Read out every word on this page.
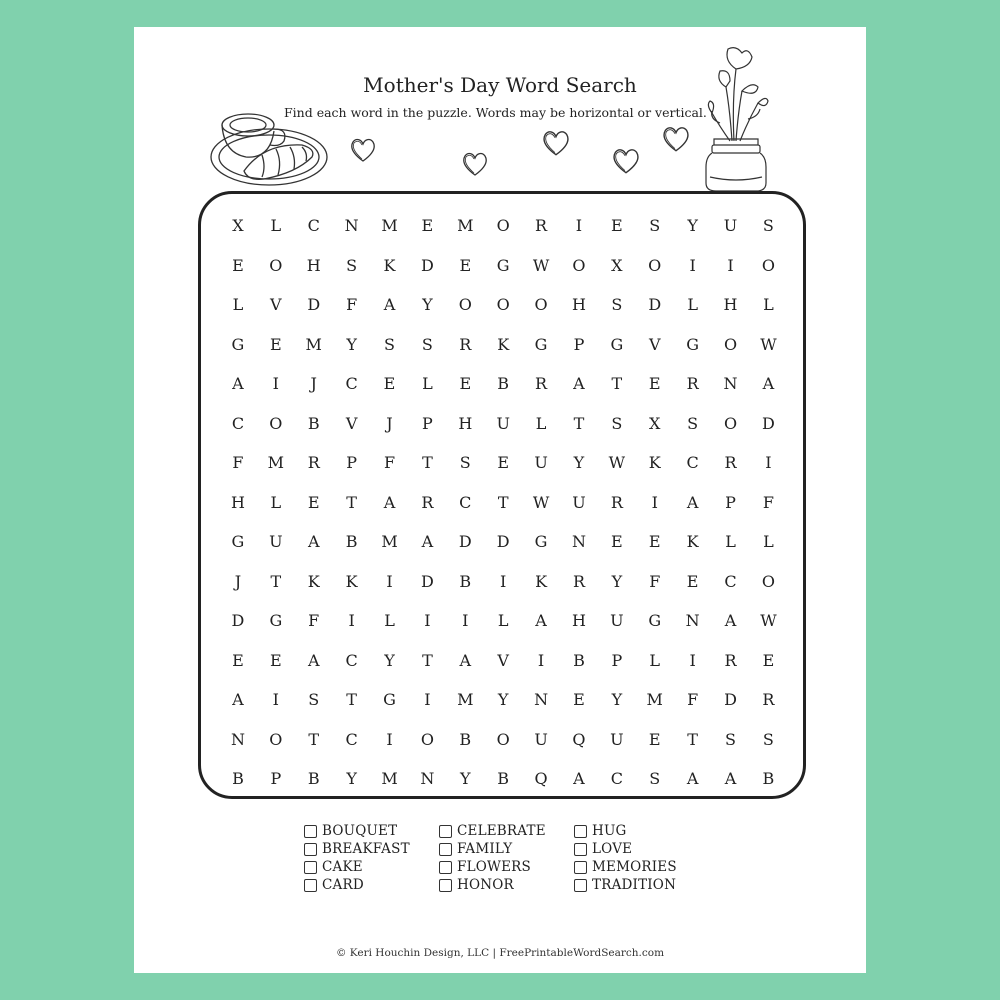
Mother's Day Word Search
Find each word in the puzzle. Words may be horizontal or vertical.
X	L	C	N	M	E	M	O	R	I	E	S	Y	U	S
E	O	H	S	K	D	E	G	W	O	X	O	I	I	O
L	V	D	F	A	Y	O	O	O	H	S	D	L	H	L
G	E	M	Y	S	S	R	K	G	P	G	V	G	O	W
A	I	J	C	E	L	E	B	R	A	T	E	R	N	A
C	O	B	V	J	P	H	U	L	T	S	X	S	O	D
F	M	R	P	F	T	S	E	U	Y	W	K	C	R	I
H	L	E	T	A	R	C	T	W	U	R	I	A	P	F
G	U	A	B	M	A	D	D	G	N	E	E	K	L	L
J	T	K	K	I	D	B	I	K	R	Y	F	E	C	O
D	G	F	I	L	I	I	L	A	H	U	G	N	A	W
E	E	A	C	Y	T	A	V	I	B	P	L	I	R	E
A	I	S	T	G	I	M	Y	N	E	Y	M	F	D	R
N	O	T	C	I	O	B	O	U	Q	U	E	T	S	S
B	P	B	Y	M	N	Y	B	Q	A	C	S	A	A	B
BOUQUET
BREAKFAST
CAKE
CARD
CELEBRATE
FAMILY
FLOWERS
HONOR
HUG
LOVE
MEMORIES
TRADITION
© Keri Houchin Design, LLC | FreePrintableWordSearch.com
